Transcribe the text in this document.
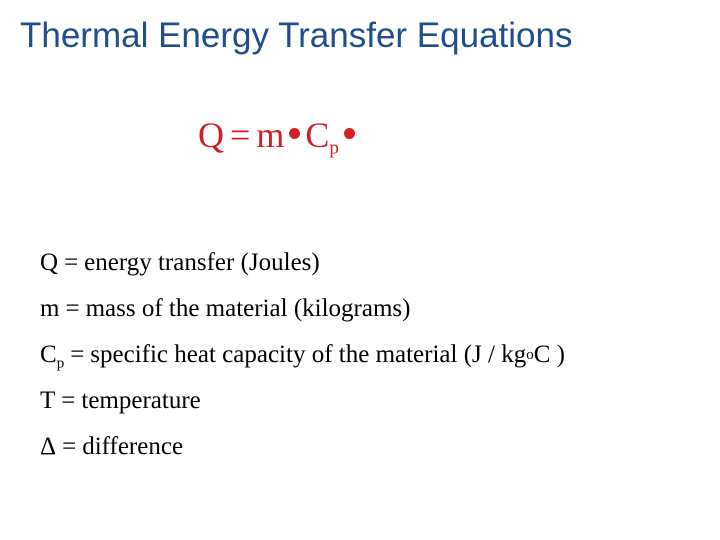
Thermal Energy Transfer Equations
Q = m $C_p$
Q = energy transfer (Joules)
m = mass of the material (kilograms)
$C_p$ = specific heat capacity of the material (J / kg o C )
T = temperature
Δ = difference
